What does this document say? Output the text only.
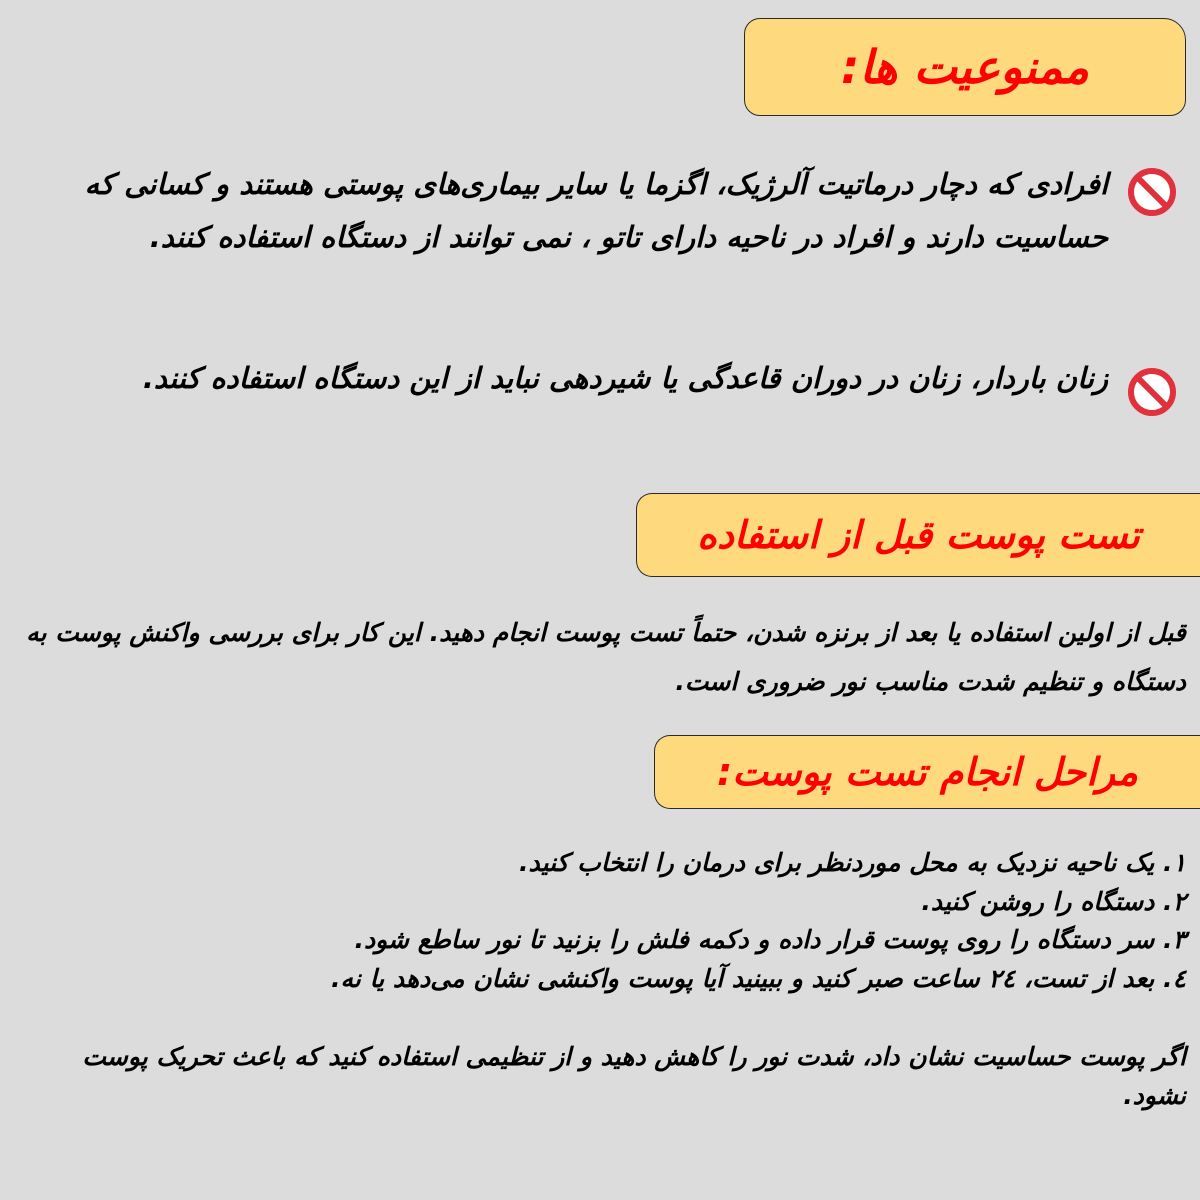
ممنوعیت ها:
افرادی که دچار درماتیت آلرژیک، اگزما یا سایر بیماری‌های پوستی هستند و کسانی که حساسیت دارند و افراد در ناحیه دارای تاتو ، نمی توانند از دستگاه استفاده کنند.
زنان باردار، زنان در دوران قاعدگی یا شیردهی نباید از این دستگاه استفاده کنند.
تست پوست قبل از استفاده
قبل از اولین استفاده یا بعد از برنزه شدن، حتماً تست پوست انجام دهید. این کار برای بررسی واکنش پوست به دستگاه و تنظیم شدت مناسب نور ضروری است.
مراحل انجام تست پوست:
۱. یک ناحیه نزدیک به محل موردنظر برای درمان را انتخاب کنید.
۲. دستگاه را روشن کنید.
۳. سر دستگاه را روی پوست قرار داده و دکمه فلش را بزنید تا نور ساطع شود.
٤. بعد از تست، ۲٤ ساعت صبر کنید و ببینید آیا پوست واکنشی نشان می‌دهد یا نه.
اگر پوست حساسیت نشان داد، شدت نور را کاهش دهید و از تنظیمی استفاده کنید که باعث تحریک پوست نشود.
